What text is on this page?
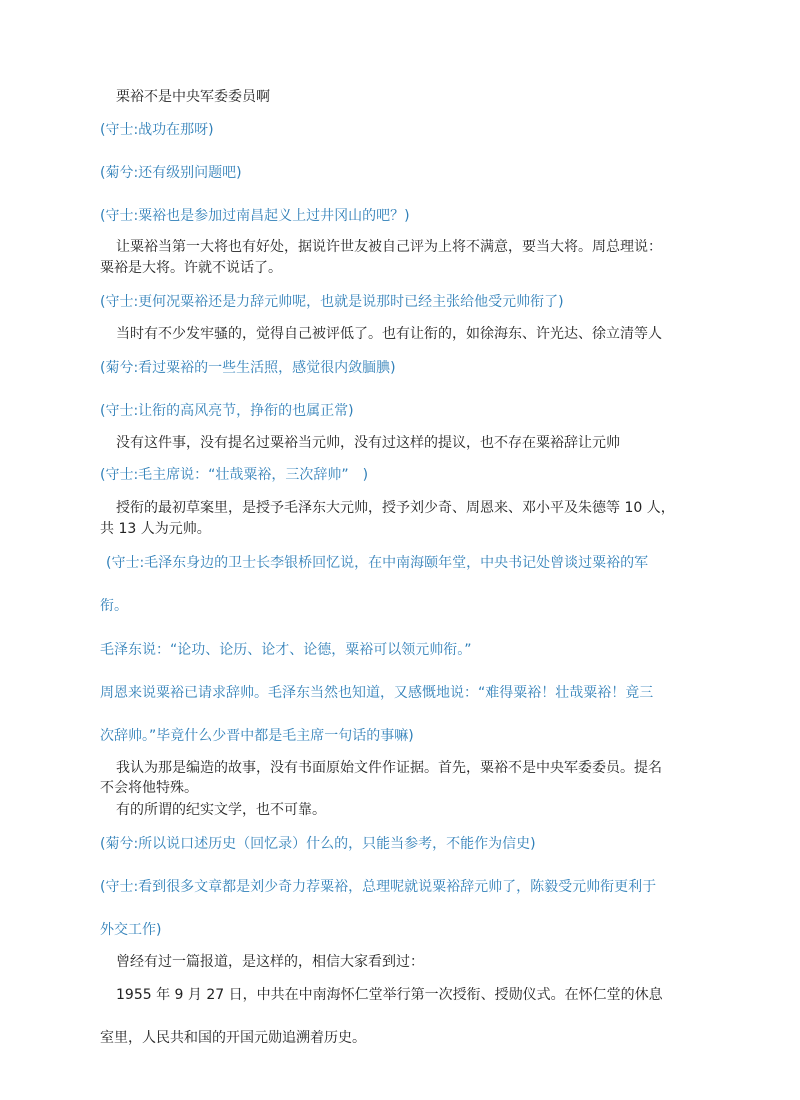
栗裕不是中央军委委员啊
(守士:战功在那呀)
(菊兮:还有级别问题吧)
(守士:粟裕也是参加过南昌起义上过井冈山的吧？)
让粟裕当第一大将也有好处，据说许世友被自己评为上将不满意，要当大将。周总理说：
粟裕是大将。许就不说话了。
(守士:更何况粟裕还是力辞元帅呢，也就是说那时已经主张给他受元帅衔了)
当时有不少发牢骚的，觉得自己被评低了。也有让衔的，如徐海东、许光达、徐立清等人
(菊兮:看过粟裕的一些生活照，感觉很内敛腼腆)
(守士:让衔的高风亮节，挣衔的也属正常)
没有这件事，没有提名过粟裕当元帅，没有过这样的提议，也不存在粟裕辞让元帅
(守士:毛主席说：“壮哉粟裕，三次辞帅”　)
授衔的最初草案里，是授予毛泽东大元帅，授予刘少奇、周恩来、邓小平及朱德等 10 人，
共 13 人为元帅。
(守士:毛泽东身边的卫士长李银桥回忆说，在中南海颐年堂，中央书记处曾谈过粟裕的军
衔。
毛泽东说：“论功、论历、论才、论德，粟裕可以领元帅衔。”
周恩来说粟裕已请求辞帅。毛泽东当然也知道，又感慨地说：“难得粟裕！壮哉粟裕！竟三
次辞帅。”毕竟什么少晋中都是毛主席一句话的事嘛)
我认为那是编造的故事，没有书面原始文件作证据。首先，粟裕不是中央军委委员。提名
不会将他特殊。
有的所谓的纪实文学，也不可靠。
(菊兮:所以说口述历史（回忆录）什么的，只能当参考，不能作为信史)
(守士:看到很多文章都是刘少奇力荐粟裕，总理呢就说粟裕辞元帅了，陈毅受元帅衔更利于
外交工作)
曾经有过一篇报道，是这样的，相信大家看到过：
1955 年 9 月 27 日，中共在中南海怀仁堂举行第一次授衔、授勋仪式。在怀仁堂的休息
室里，人民共和国的开国元勋追溯着历史。
